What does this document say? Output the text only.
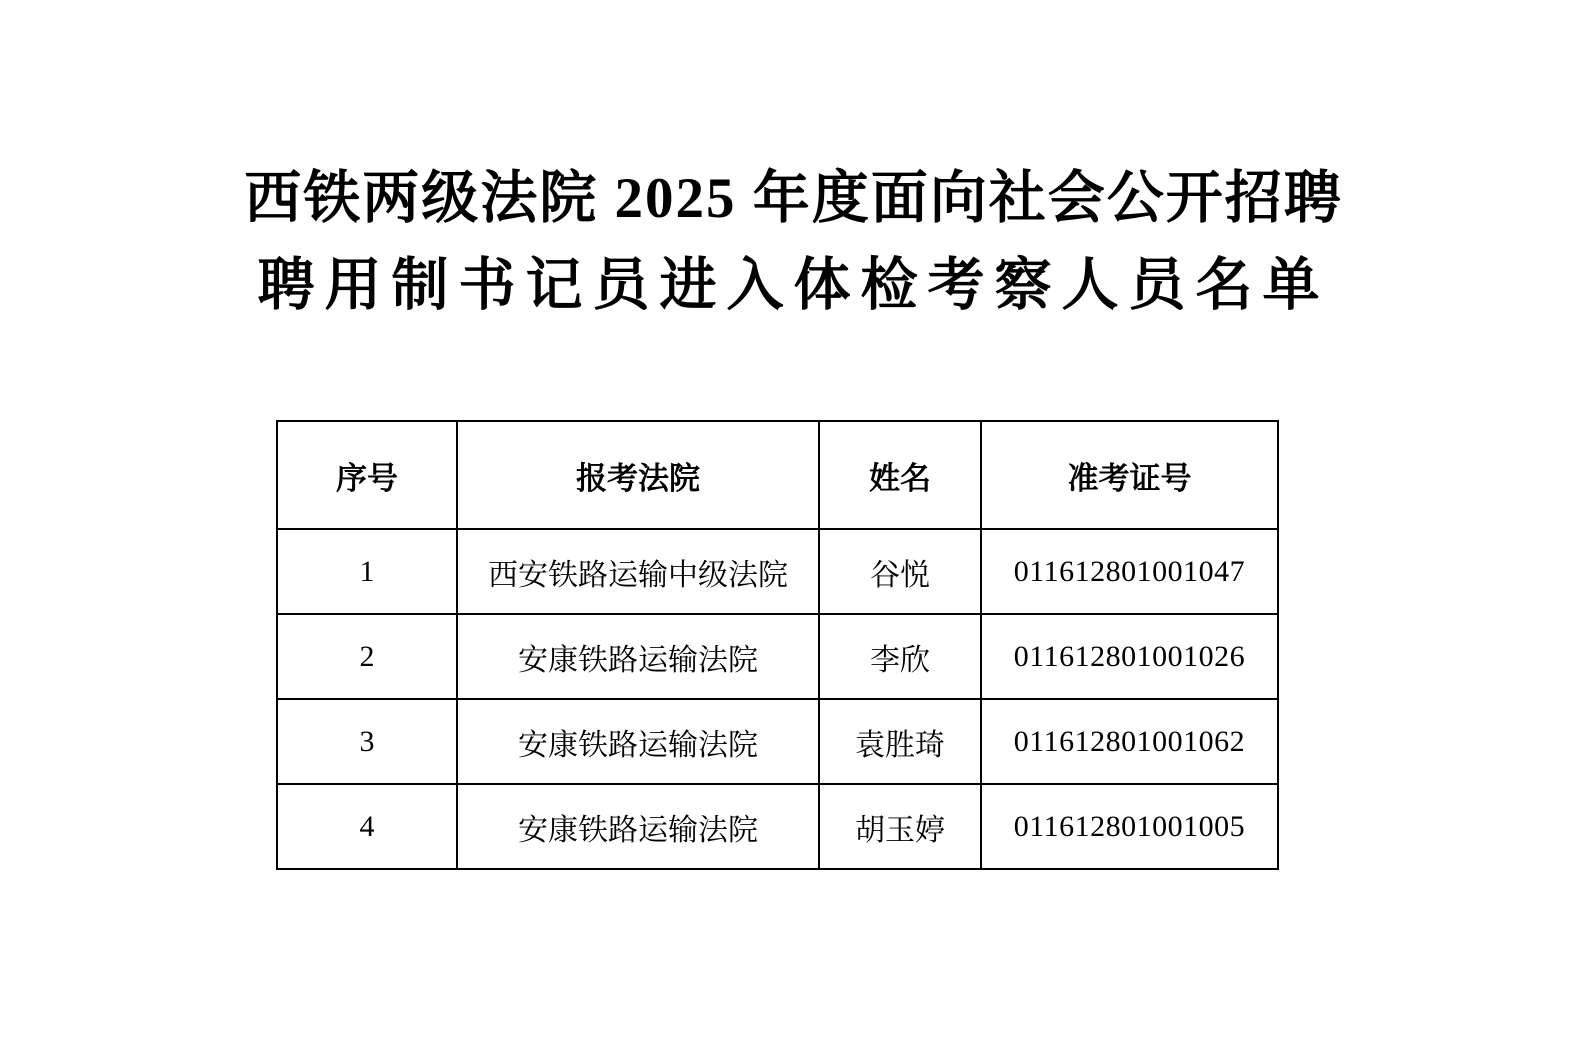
西铁两级法院 2025 年度面向社会公开招聘
聘用制书记员进入体检考察人员名单
序号	报考法院	姓名	准考证号
1	西安铁路运输中级法院	谷悦	011612801001047
2	安康铁路运输法院	李欣	011612801001026
3	安康铁路运输法院	袁胜琦	011612801001062
4	安康铁路运输法院	胡玉婷	011612801001005
